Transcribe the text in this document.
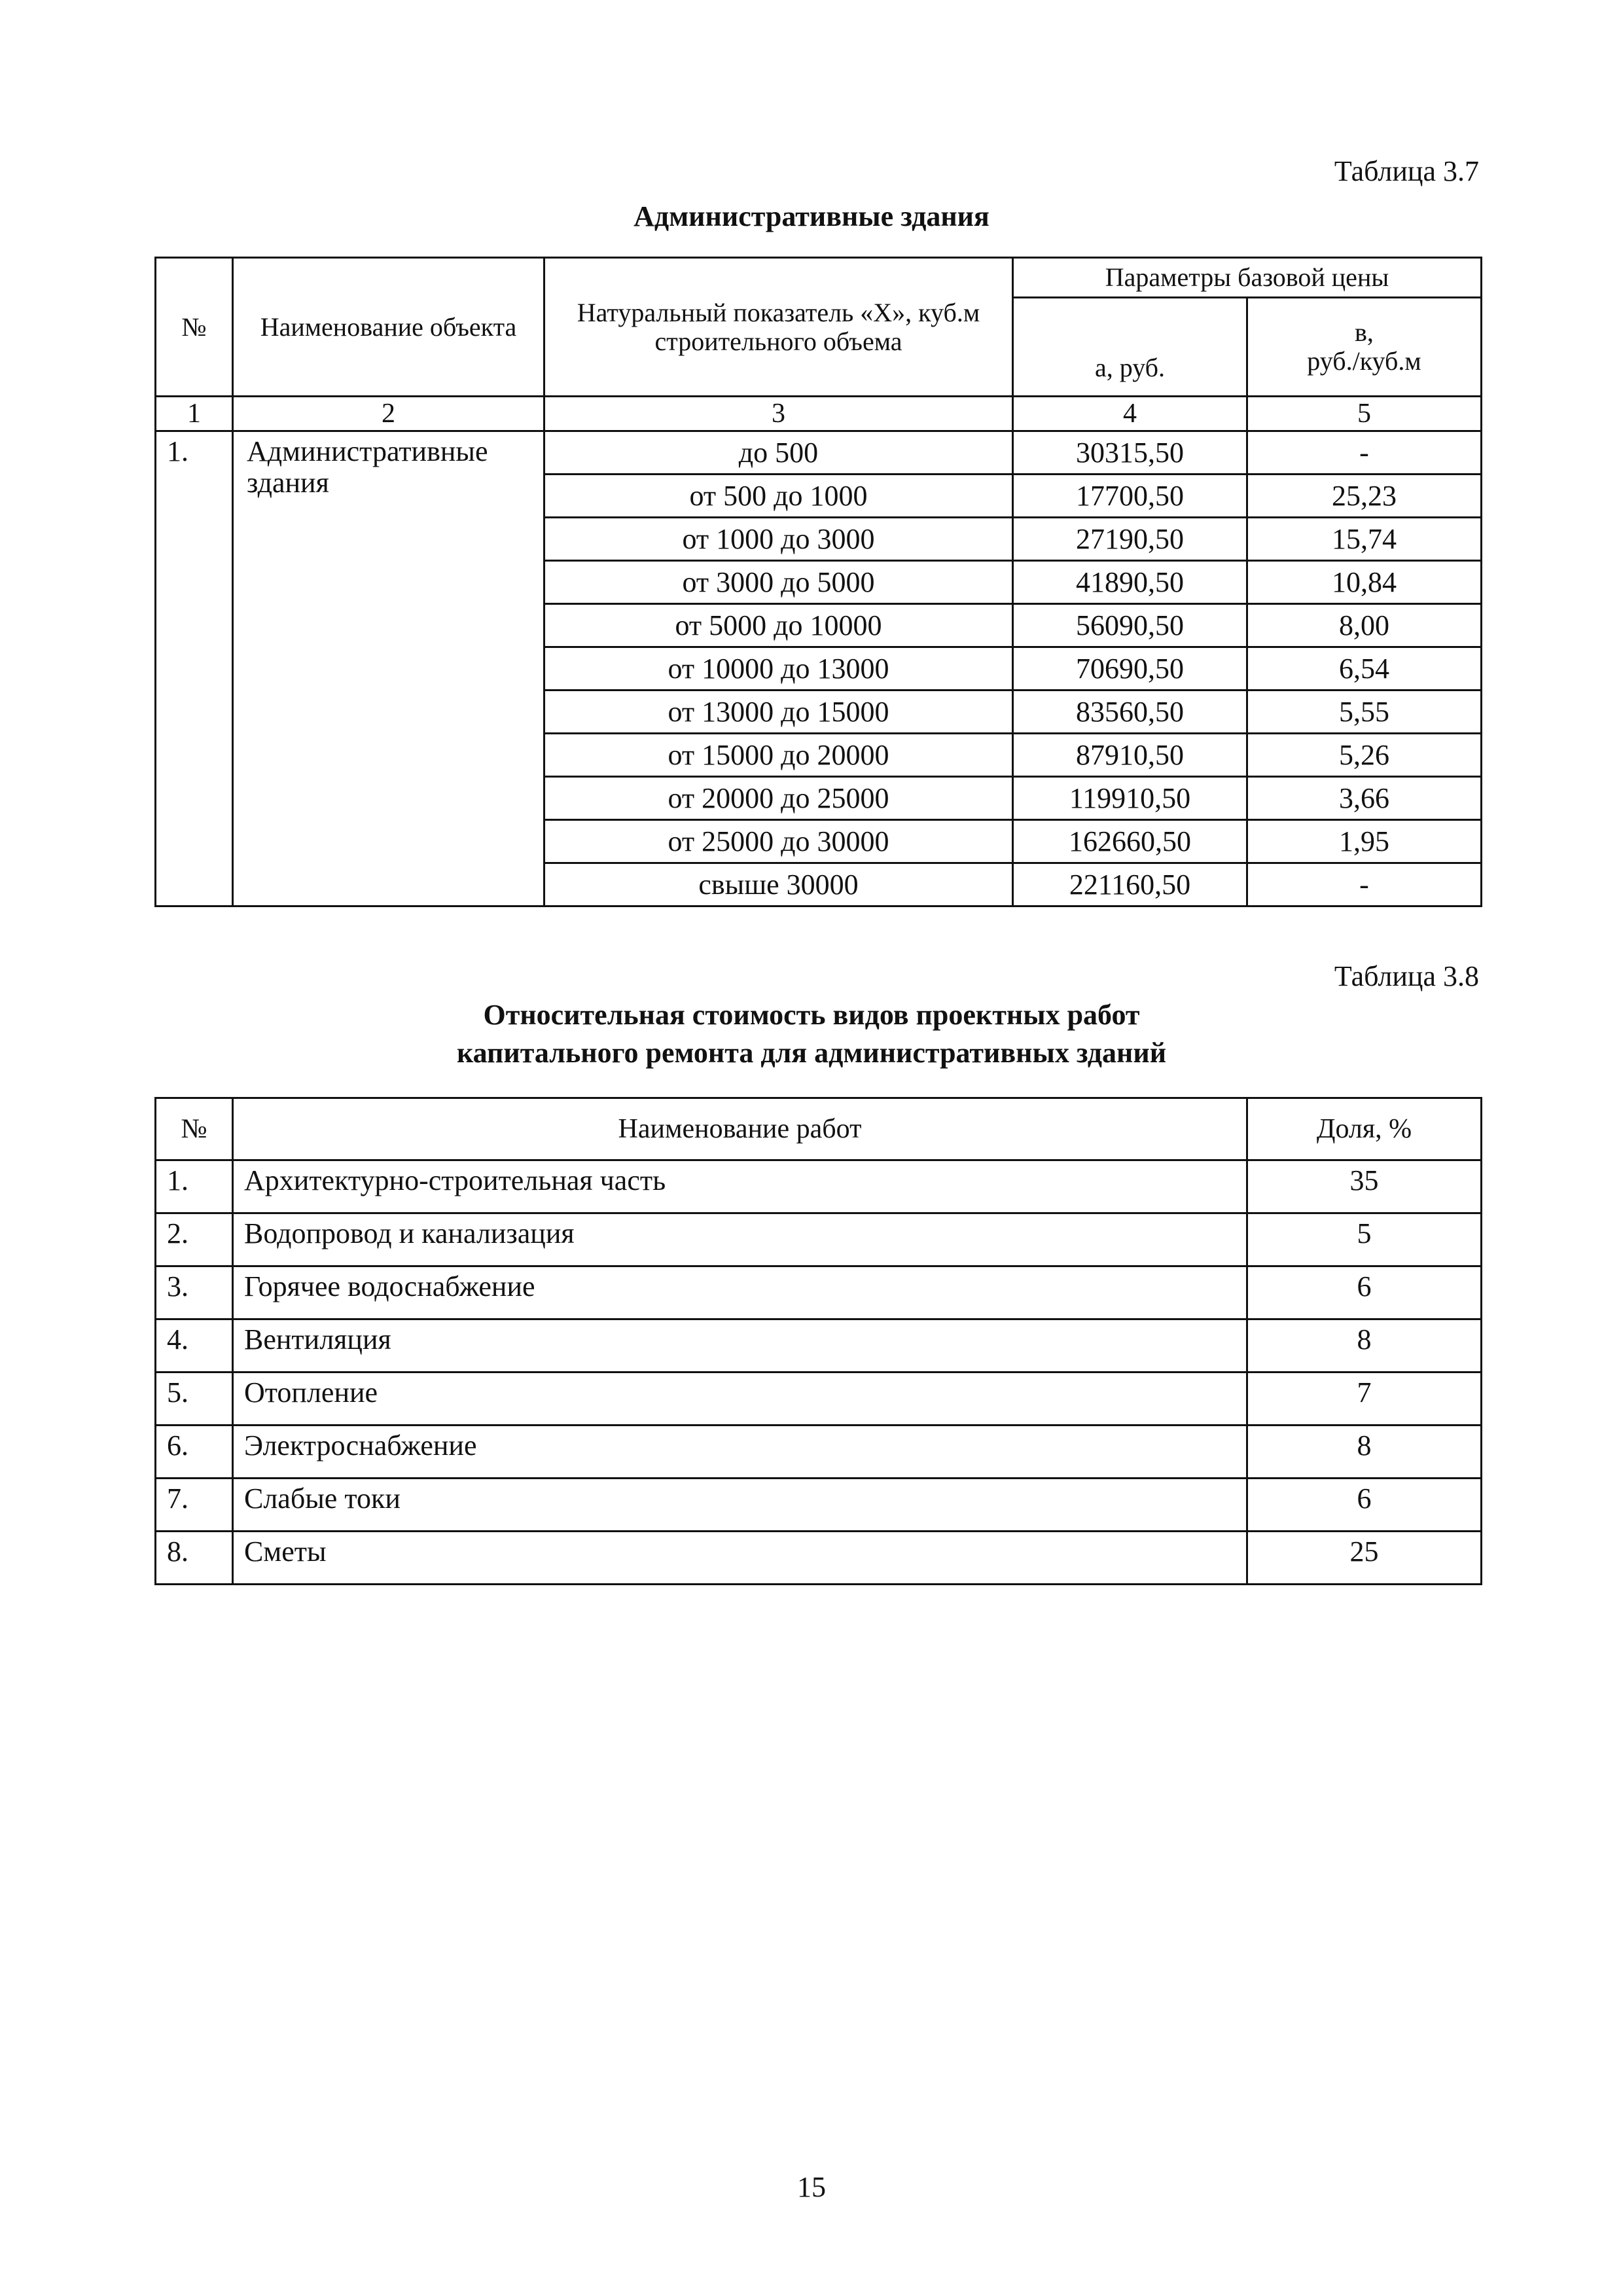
Таблица 3.7
Административные здания
№	Наименование объекта	Натуральный показатель «Х», куб.м строительного объема	Параметры базовой цены	
			а, руб.	в,
руб./куб.м

1	2	3	4	5
1.	Административные здания	до 500	30315,50	-
		от 500 до 1000	17700,50	25,23
		от 1000 до 3000	27190,50	15,74
		от 3000 до 5000	41890,50	10,84
		от 5000 до 10000	56090,50	8,00
		от 10000 до 13000	70690,50	6,54
		от 13000 до 15000	83560,50	5,55
		от 15000 до 20000	87910,50	5,26
		от 20000 до 25000	119910,50	3,66
		от 25000 до 30000	162660,50	1,95
		свыше 30000	221160,50	-
Таблица 3.8
Относительная стоимость видов проектных работ
капитального ремонта для административных зданий
№	Наименование работ	Доля, %
1.	Архитектурно-строительная часть	35
2.	Водопровод и канализация	5
3.	Горячее водоснабжение	6
4.	Вентиляция	8
5.	Отопление	7
6.	Электроснабжение	8
7.	Слабые токи	6
8.	Сметы	25
15
